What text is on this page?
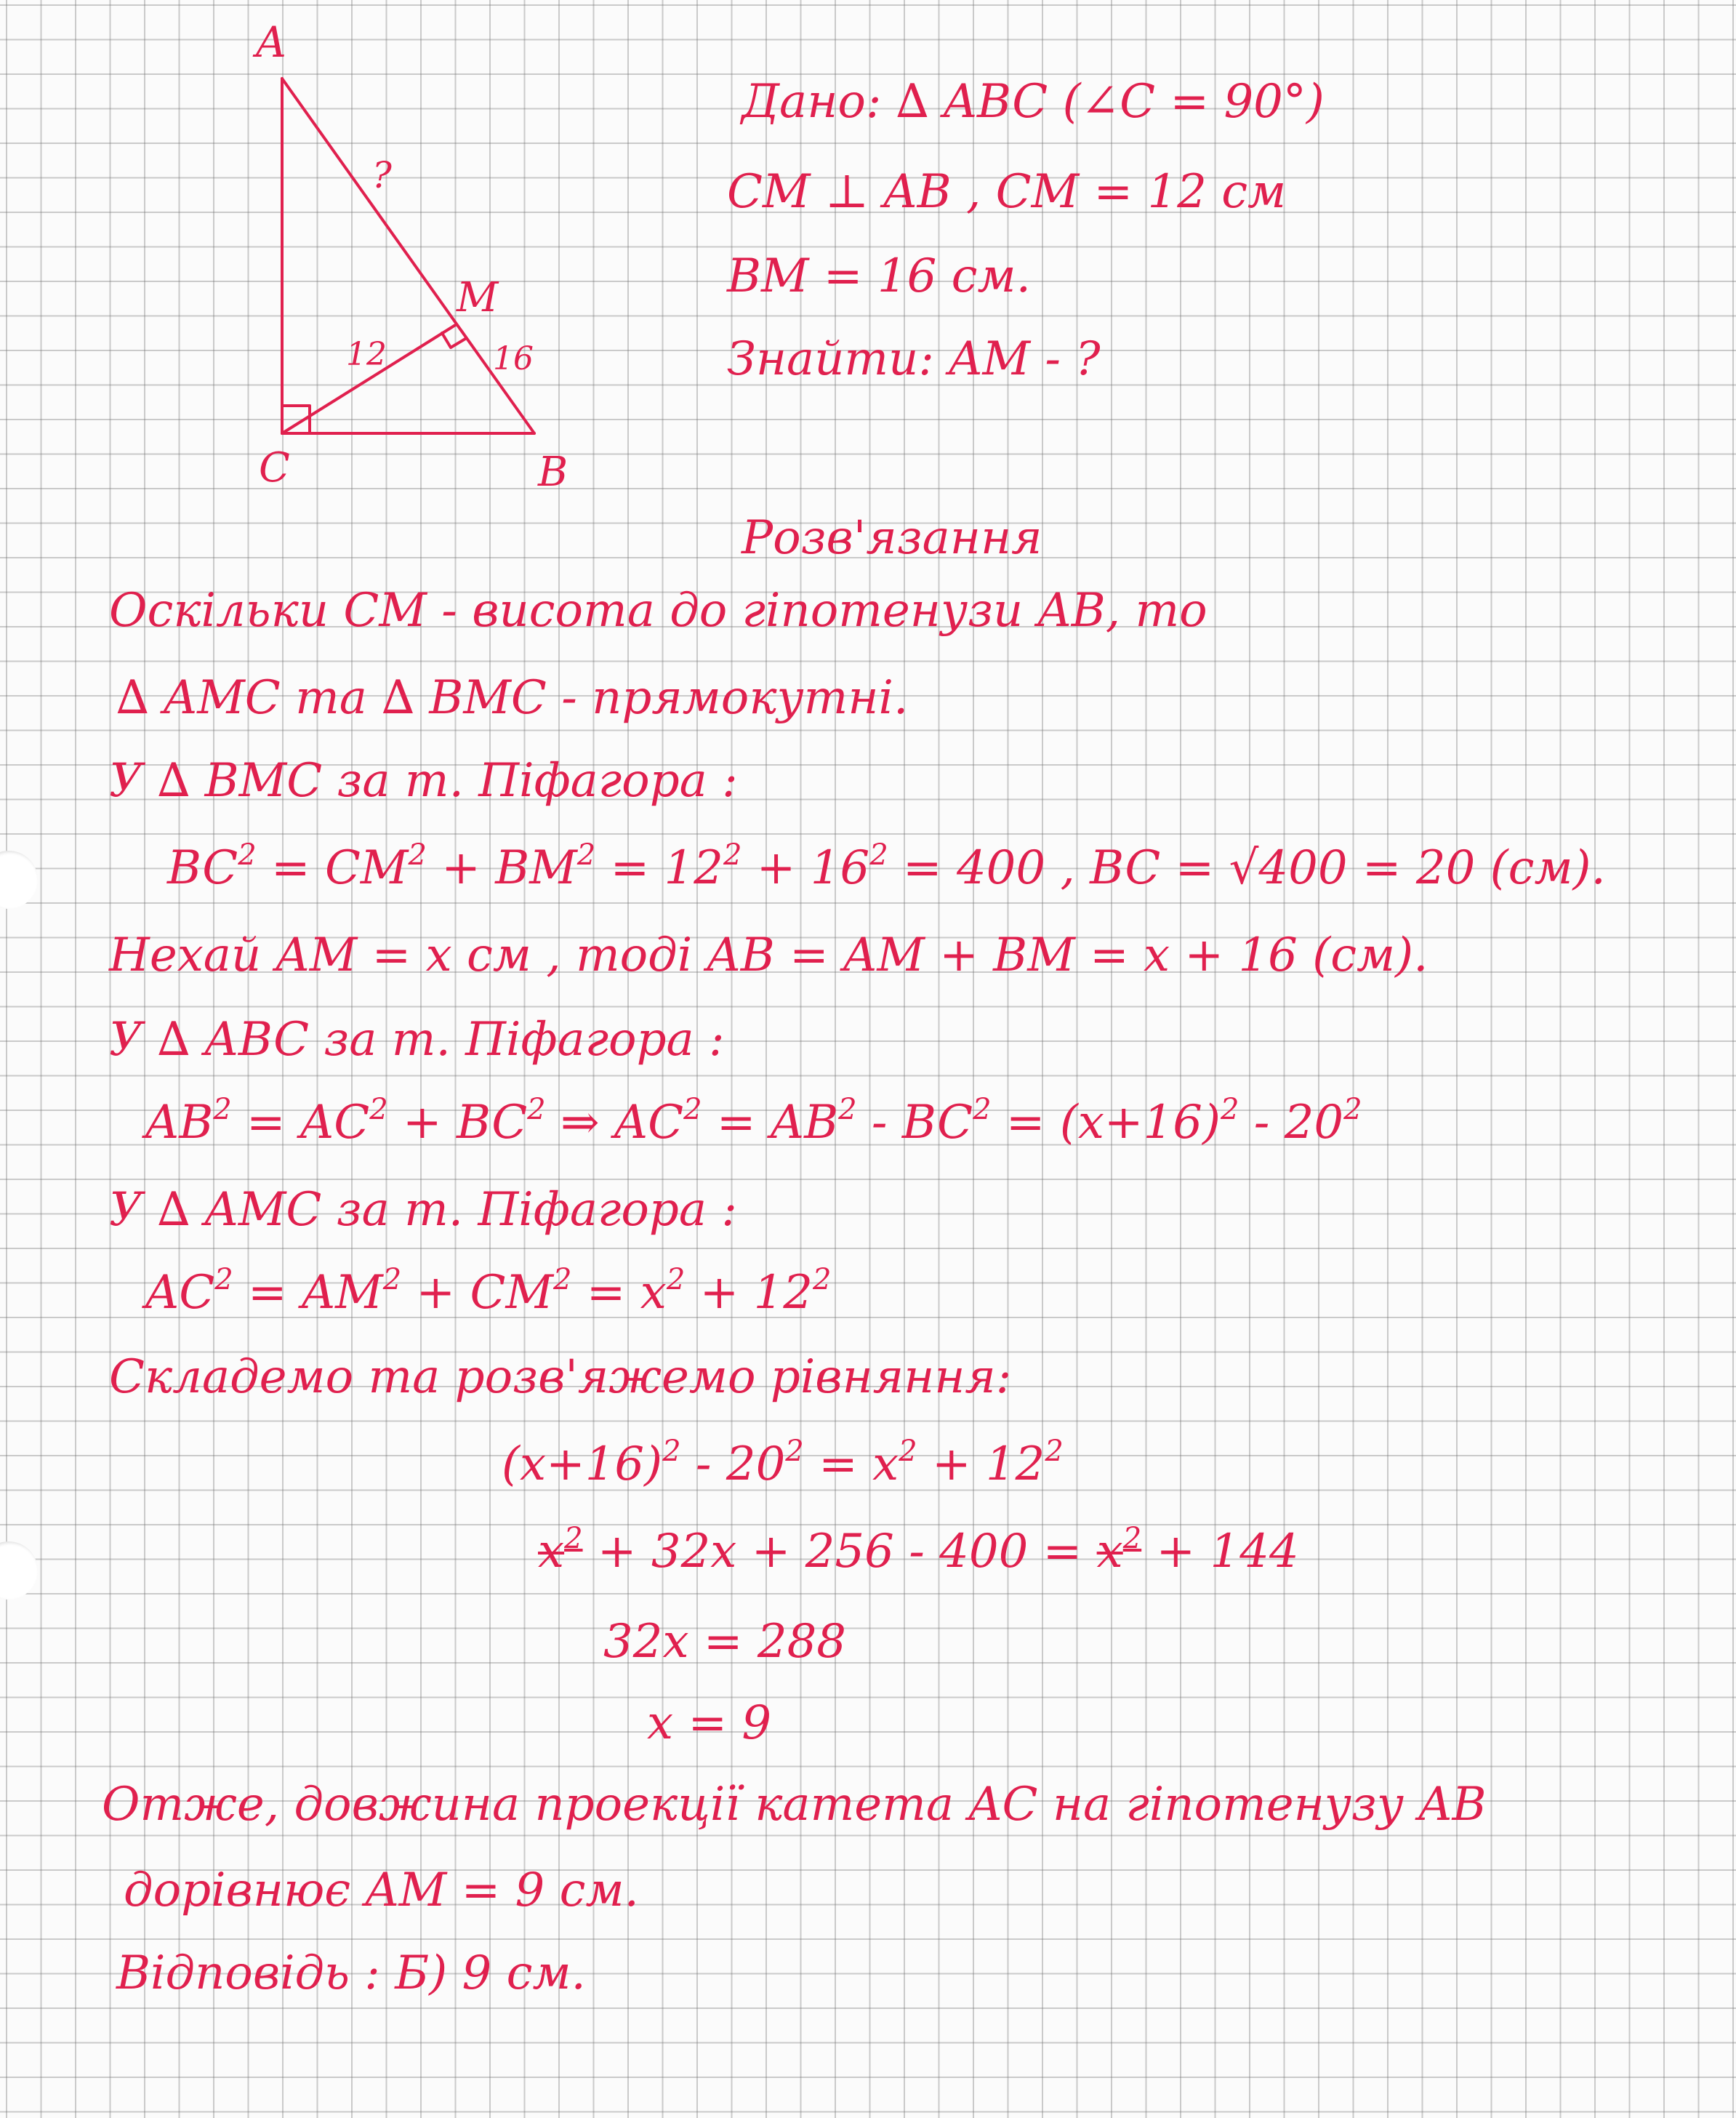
A
M
C	B
?
12	16
Дано: ∆ ABC (∠C = 90°)
CM ⊥ AB , CM = 12 см
BM = 16 см.
Знайти: AM - ?
Розв'язання
Оскільки CM - висота до гіпотенузи AB, то
∆ AMC та ∆ BMC - прямокутні.
У ∆ BMC за т. Піфагора :
$BC^2 = CM^2 + BM^2 = 12^2 + 16^2 = 400$ , BC = √400 = 20 (см).
Нехай AM = x см , тоді AB = AM + BM = x + 16 (см).
У ∆ ABC за т. Піфагора :
$AB^2 = AC^2 + BC^2$ ⇒ $AC^2 = AB^2 - BC^2 = (x+16)^2 - 20^2$
У ∆ AMC за т. Піфагора :
$AC^2 = AM^2 + CM^2 = x^2 + 12^2$
Складемо та розв'яжемо рівняння:
$(x+16)^2 - 20^2 = x^2 + 12^2$
$x^2 + 32x + 256 - 400 = x^2 + 144$
32x = 288
x = 9
Отже, довжина проекції катета AC на гіпотенузу AB
дорівнює AM = 9 см.
Відповідь : Б) 9 см.
